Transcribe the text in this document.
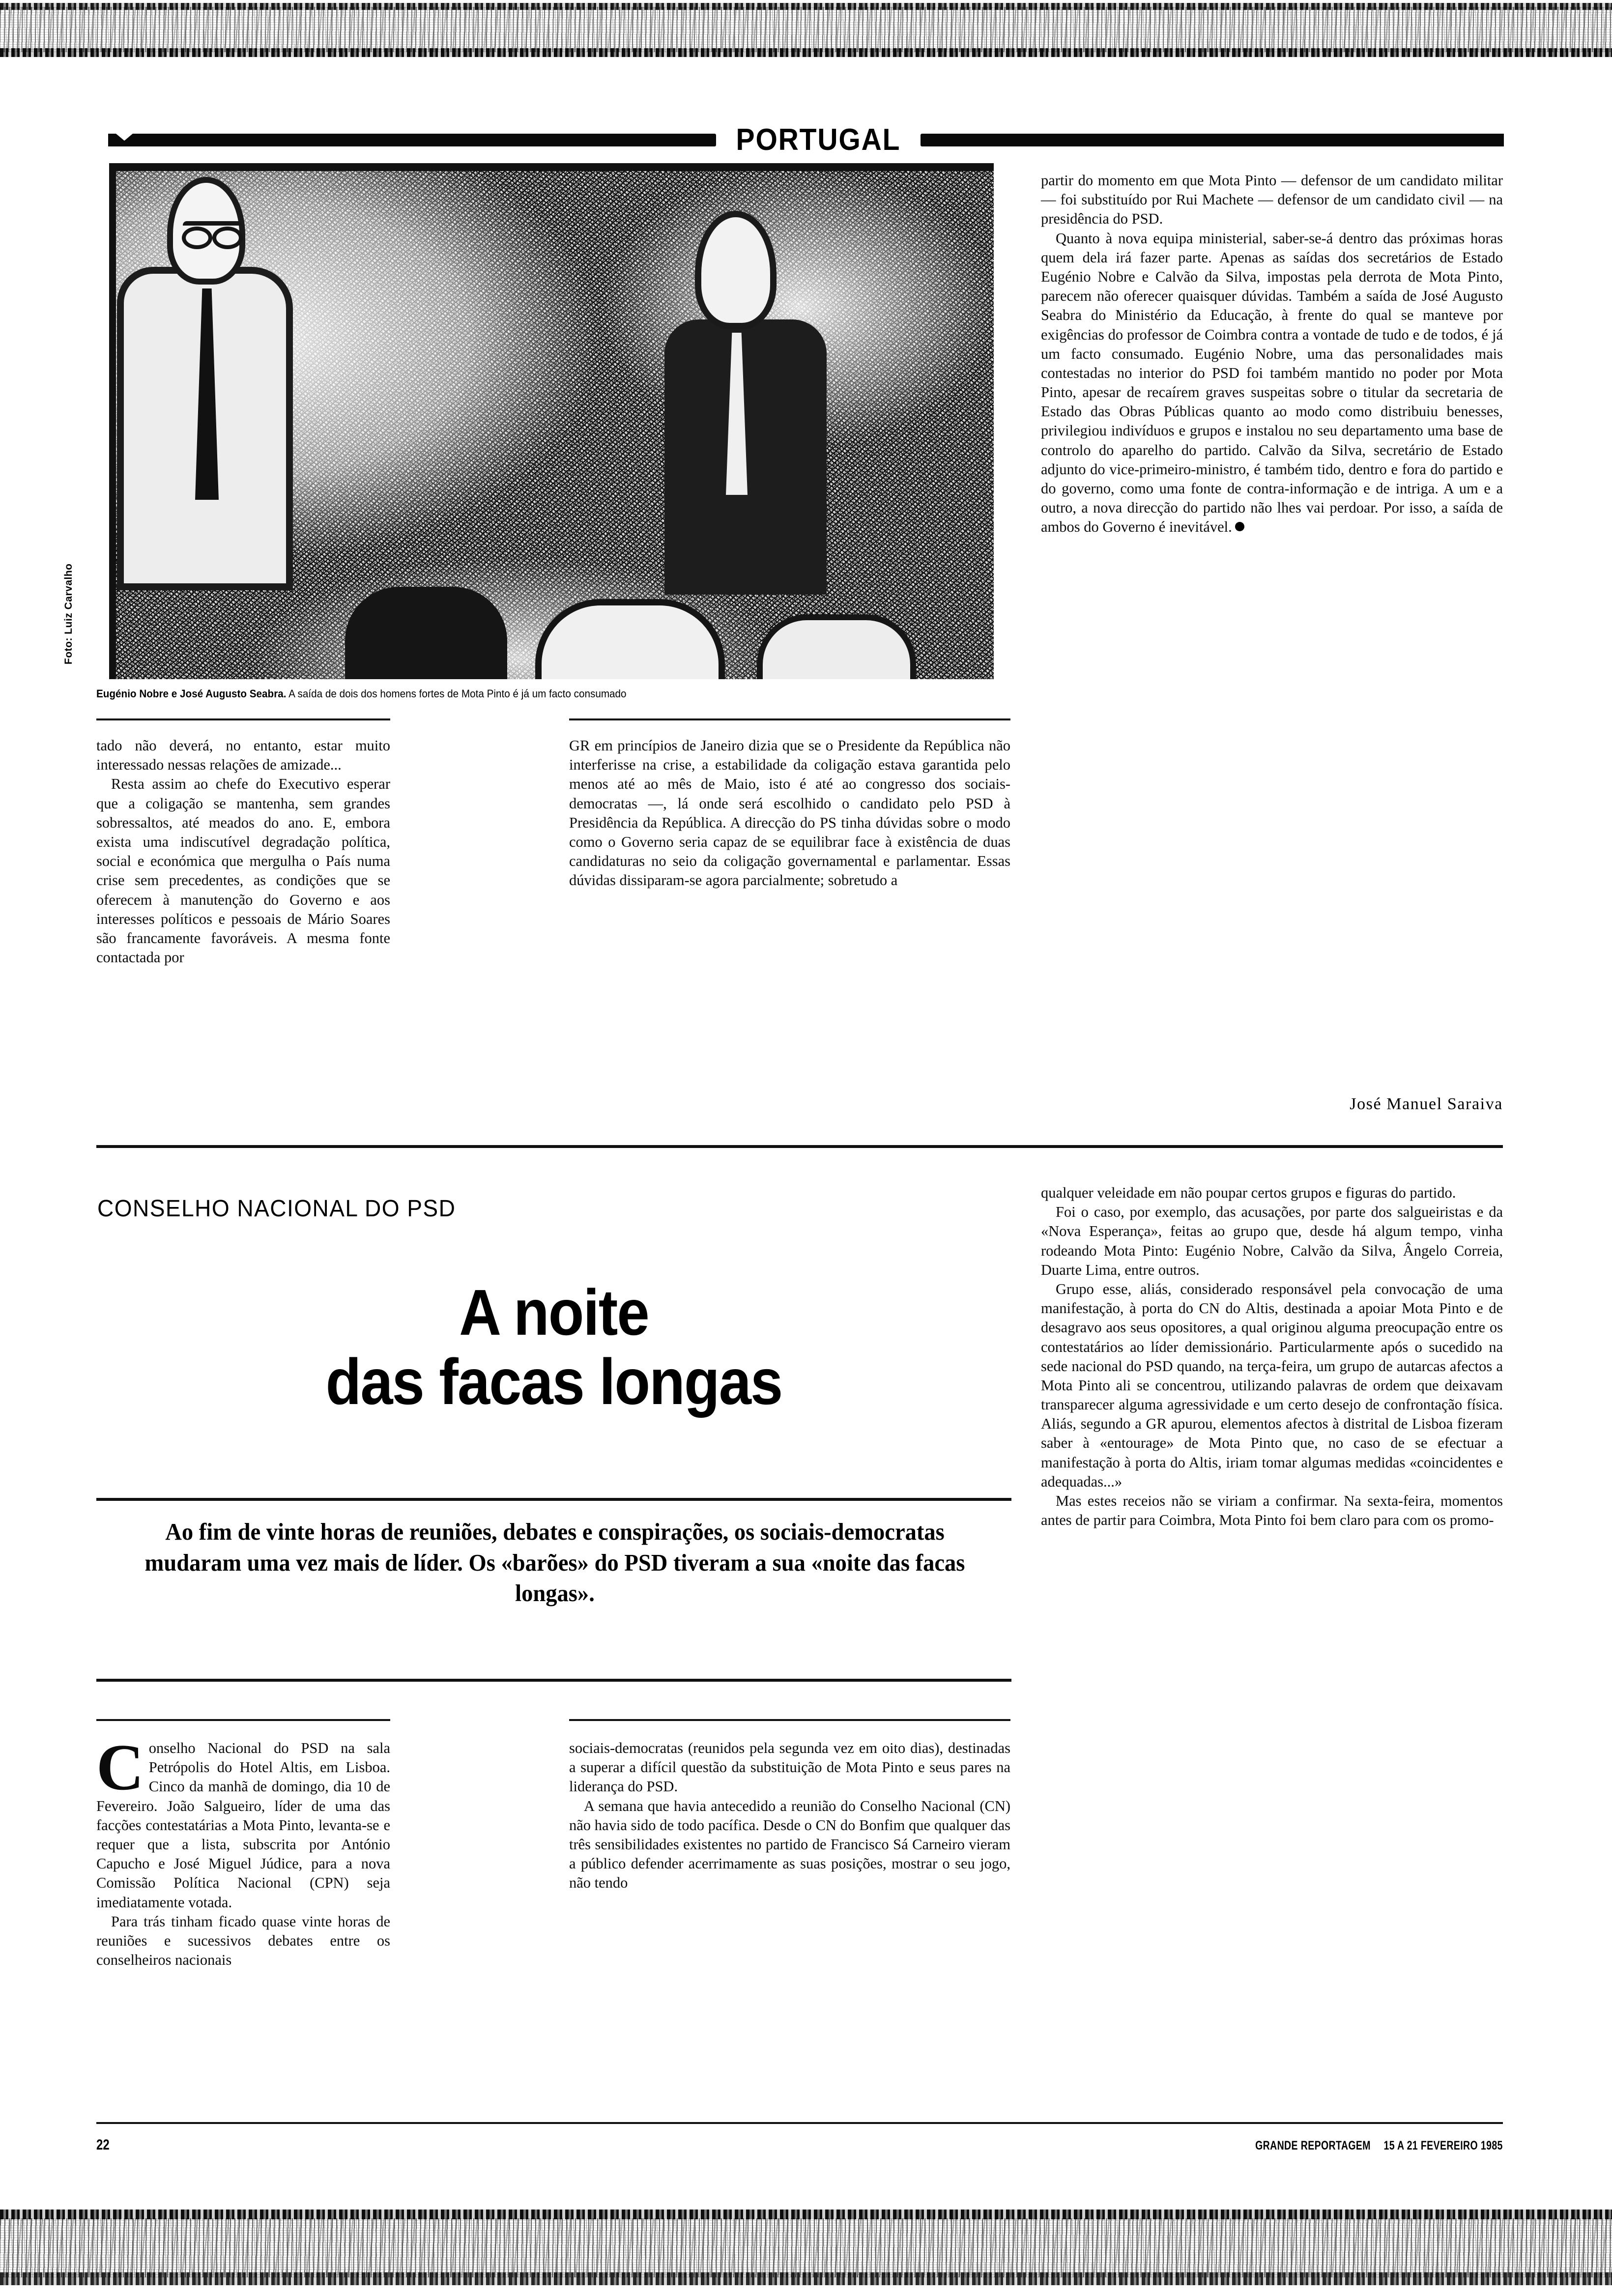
PORTUGAL
Foto: Luiz Carvalho
Eugénio Nobre e José Augusto Seabra. A saída de dois dos homens fortes de Mota Pinto é já um facto consumado

tado não deverá, no entanto, estar muito interessado nessas relações de amizade...

Resta assim ao chefe do Executivo esperar que a coligação se mantenha, sem grandes sobressaltos, até meados do ano. E, embora exista uma indiscutível degradação política, social e económica que mergulha o País numa crise sem precedentes, as condições que se oferecem à manutenção do Governo e aos interesses políticos e pessoais de Mário Soares são francamente favoráveis. A mesma fonte contactada por

GR em princípios de Janeiro dizia que se o Presidente da República não interferisse na crise, a estabilidade da coligação estava garantida pelo menos até ao mês de Maio, isto é até ao congresso dos sociais-democratas —, lá onde será escolhido o candidato pelo PSD à Presidência da República. A direcção do PS tinha dúvidas sobre o modo como o Governo seria capaz de se equilibrar face à existência de duas candidaturas no seio da coligação governamental e parlamentar. Essas dúvidas dissiparam-se agora parcialmente; sobretudo a

partir do momento em que Mota Pinto — defensor de um candidato militar — foi substituído por Rui Machete — defensor de um candidato civil — na presidência do PSD.

Quanto à nova equipa ministerial, saber-se-á dentro das próximas horas quem dela irá fazer parte. Apenas as saídas dos secretários de Estado Eugénio Nobre e Calvão da Silva, impostas pela derrota de Mota Pinto, parecem não oferecer quaisquer dúvidas. Também a saída de José Augusto Seabra do Ministério da Educação, à frente do qual se manteve por exigências do professor de Coimbra contra a vontade de tudo e de todos, é já um facto consumado. Eugénio Nobre, uma das personalidades mais contestadas no interior do PSD foi também mantido no poder por Mota Pinto, apesar de recaírem graves suspeitas sobre o titular da secretaria de Estado das Obras Públicas quanto ao modo como distribuiu benesses, privilegiou indivíduos e grupos e instalou no seu departamento uma base de controlo do aparelho do partido. Calvão da Silva, secretário de Estado adjunto do vice-primeiro-ministro, é também tido, dentro e fora do partido e do governo, como uma fonte de contra-informação e de intriga. A um e a outro, a nova direcção do partido não lhes vai perdoar. Por isso, a saída de ambos do Governo é inevitável.

José Manuel Saraiva
CONSELHO NACIONAL DO PSD
A noite
das facas longas
Ao fim de vinte horas de reuniões, debates e conspirações, os sociais-democratas mudaram uma vez mais de líder. Os «barões» do PSD tiveram a sua «noite das facas longas».

Conselho Nacional do PSD na sala Petrópolis do Hotel Altis, em Lisboa. Cinco da manhã de domingo, dia 10 de Fevereiro. João Salgueiro, líder de uma das facções contestatárias a Mota Pinto, levanta-se e requer que a lista, subscrita por António Capucho e José Miguel Júdice, para a nova Comissão Política Nacional (CPN) seja imediatamente votada.

Para trás tinham ficado quase vinte horas de reuniões e sucessivos debates entre os conselheiros nacionais

sociais-democratas (reunidos pela segunda vez em oito dias), destinadas a superar a difícil questão da substituição de Mota Pinto e seus pares na liderança do PSD.

A semana que havia antecedido a reunião do Conselho Nacional (CN) não havia sido de todo pacífica. Desde o CN do Bonfim que qualquer das três sensibilidades existentes no partido de Francisco Sá Carneiro vieram a público defender acerrimamente as suas posições, mostrar o seu jogo, não tendo

qualquer veleidade em não poupar certos grupos e figuras do partido.

Foi o caso, por exemplo, das acusações, por parte dos salgueiristas e da «Nova Esperança», feitas ao grupo que, desde há algum tempo, vinha rodeando Mota Pinto: Eugénio Nobre, Calvão da Silva, Ângelo Correia, Duarte Lima, entre outros.

Grupo esse, aliás, considerado responsável pela convocação de uma manifestação, à porta do CN do Altis, destinada a apoiar Mota Pinto e de desagravo aos seus opositores, a qual originou alguma preocupação entre os contestatários ao líder demissionário. Particularmente após o sucedido na sede nacional do PSD quando, na terça-feira, um grupo de autarcas afectos a Mota Pinto ali se concentrou, utilizando palavras de ordem que deixavam transparecer alguma agressividade e um certo desejo de confrontação física. Aliás, segundo a GR apurou, elementos afectos à distrital de Lisboa fizeram saber à «entourage» de Mota Pinto que, no caso de se efectuar a manifestação à porta do Altis, iriam tomar algumas medidas «coincidentes e adequadas...»

Mas estes receios não se viriam a confirmar. Na sexta-feira, momentos antes de partir para Coimbra, Mota Pinto foi bem claro para com os promo-

22	GRANDE REPORTAGEM 15 A 21 FEVEREIRO 1985
